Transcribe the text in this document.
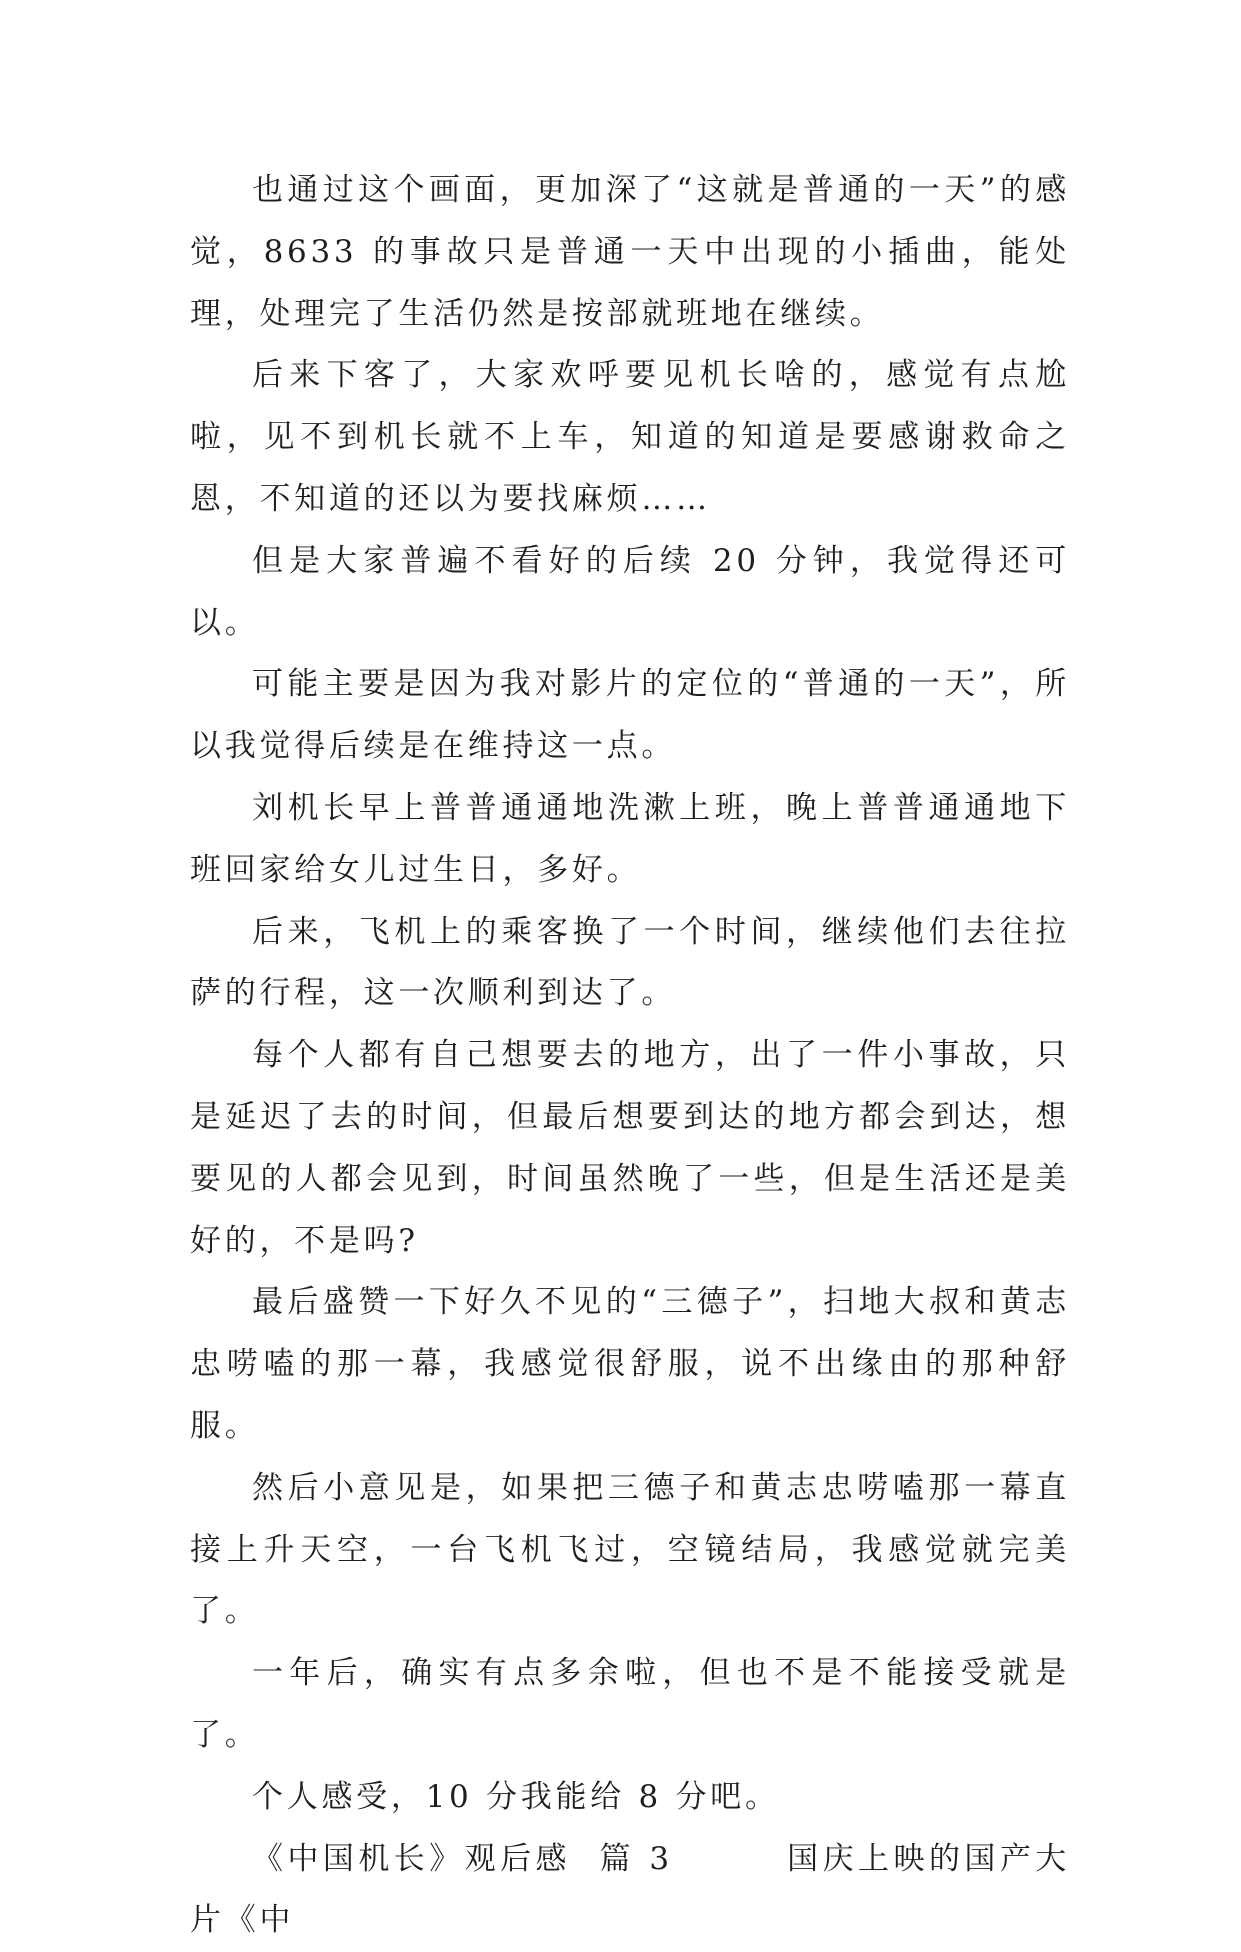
也通过这个画面，更加深了“这就是普通的一天”的感觉，8633 的事故只是普通一天中出现的小插曲，能处理，处理完了生活仍然是按部就班地在继续。

后来下客了，大家欢呼要见机长啥的，感觉有点尬啦，见不到机长就不上车，知道的知道是要感谢救命之恩，不知道的还以为要找麻烦……

但是大家普遍不看好的后续 20 分钟，我觉得还可以。

可能主要是因为我对影片的定位的“普通的一天”，所以我觉得后续是在维持这一点。

刘机长早上普普通通地洗漱上班，晚上普普通通地下班回家给女儿过生日，多好。

后来，飞机上的乘客换了一个时间，继续他们去往拉萨的行程，这一次顺利到达了。

每个人都有自己想要去的地方，出了一件小事故，只是延迟了去的时间，但最后想要到达的地方都会到达，想要见的人都会见到，时间虽然晚了一些，但是生活还是美好的，不是吗?

最后盛赞一下好久不见的“三德子”，扫地大叔和黄志忠唠嗑的那一幕，我感觉很舒服，说不出缘由的那种舒服。

然后小意见是，如果把三德子和黄志忠唠嗑那一幕直接上升天空，一台飞机飞过，空镜结局，我感觉就完美了。

一年后，确实有点多余啦，但也不是不能接受就是了。

个人感受，10 分我能给 8 分吧。

《中国机长》观后感  篇 3        国庆上映的国产大片《中
